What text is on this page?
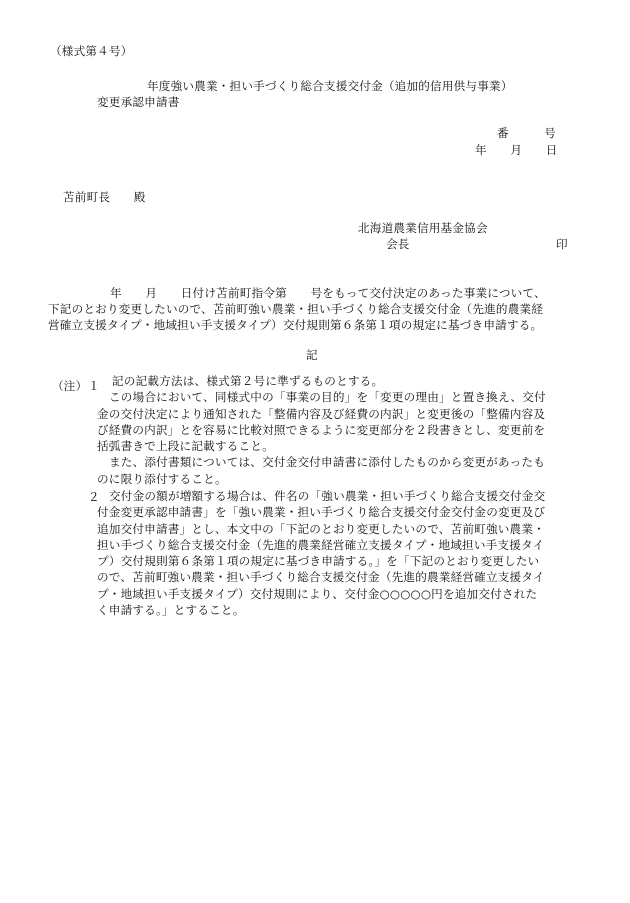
（様式第４号）
年度強い農業・担い手づくり総合支援交付金（追加的信用供与事業）
変更承認申請書
番　　　号
年　　月　　日
苫前町長　　殿
北海道農業信用基金協会
会長	印
年　　月　　日付け苫前町指令第　　号をもって交付決定のあった事業について、
下記のとおり変更したいので、苫前町強い農業・担い手づくり総合支援交付金（先進的農業経
営確立支援タイプ・地域担い手支援タイプ）交付規則第６条第１項の規定に基づき申請する。
記
（注） １	記の記載方法は、様式第２号に準ずるものとする。
この場合において、同様式中の「事業の目的」を「変更の理由」と置き換え、交付
金の交付決定により通知された「整備内容及び経費の内訳」と変更後の「整備内容及
び経費の内訳」とを容易に比較対照できるように変更部分を２段書きとし、変更前を
括弧書きで上段に記載すること。
また、添付書類については、交付金交付申請書に添付したものから変更があったも
のに限り添付すること。
２ 交付金の額が増額する場合は、件名の「強い農業・担い手づくり総合支援交付金交
付金変更承認申請書」を「強い農業・担い手づくり総合支援交付金交付金の変更及び
追加交付申請書」とし、本文中の「下記のとおり変更したいので、苫前町強い農業・
担い手づくり総合支援交付金（先進的農業経営確立支援タイプ・地域担い手支援タイ
プ）交付規則第６条第１項の規定に基づき申請する。」を「下記のとおり変更したい
ので、苫前町強い農業・担い手づくり総合支援交付金（先進的農業経営確立支援タイ
プ・地域担い手支援タイプ）交付規則により、交付金○○○○○円を追加交付された
く申請する。」とすること。
